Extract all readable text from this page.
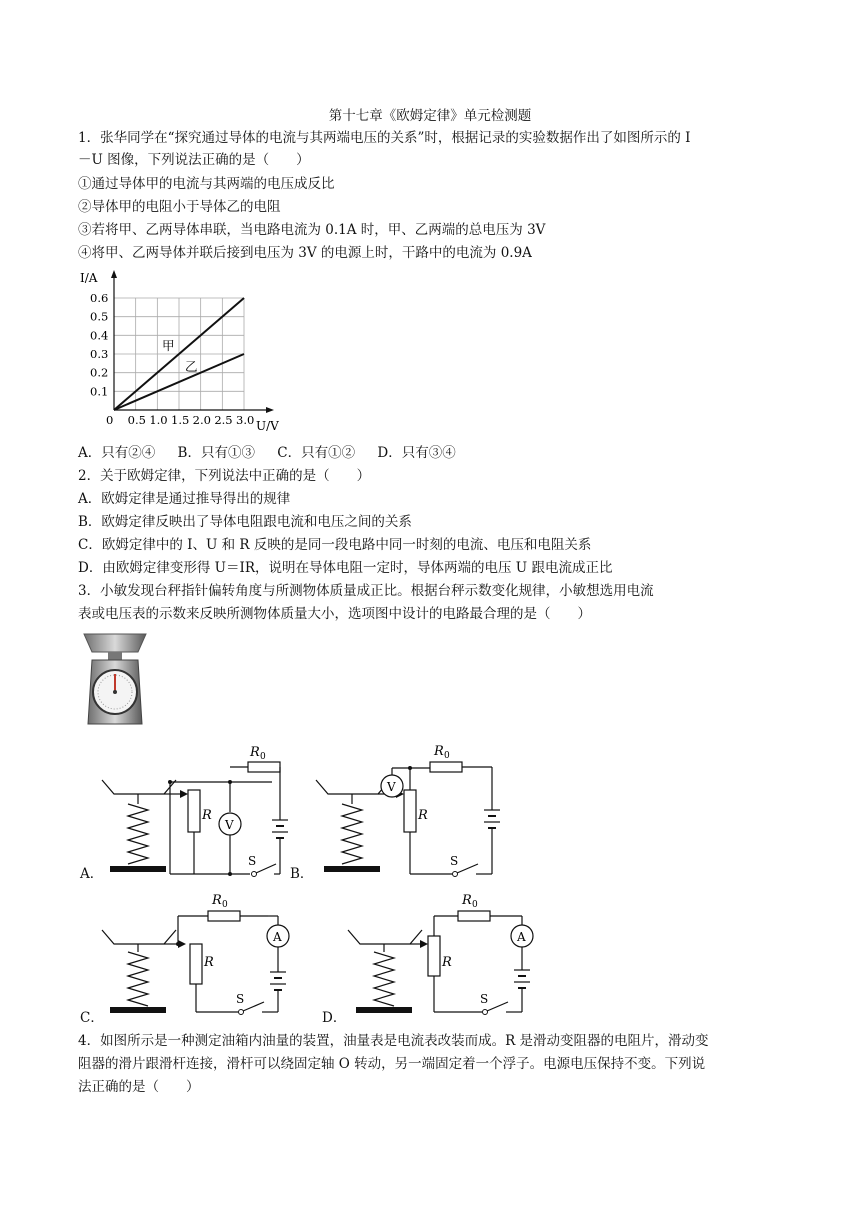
第十七章《欧姆定律》单元检测题
1．张华同学在“探究通过导体的电流与其两端电压的关系”时，根据记录的实验数据作出了如图所示的 I
－U 图像，下列说法正确的是（　　）
①通过导体甲的电流与其两端的电压成反比
②导体甲的电阻小于导体乙的电阻
③若将甲、乙两导体串联，当电路电流为 0.1A 时，甲、乙两端的总电压为 3V
④将甲、乙两导体并联后接到电压为 3V 的电源上时，干路中的电流为 0.9A
0 0.5 1.0 1.5 2.0 2.5 3.0
0.1
0.2
0.3
0.4
0.5
0.6
甲
乙
I/A
U/V
A．只有②④ B．只有①③ C．只有①② D．只有③④
2．关于欧姆定律，下列说法中正确的是（　　）
A．欧姆定律是通过推导得出的规律
B．欧姆定律反映出了导体电阻跟电流和电压之间的关系
C．欧姆定律中的 I、U 和 R 反映的是同一段电路中同一时刻的电流、电压和电阻关系
D．由欧姆定律变形得 U＝IR，说明在导体电阻一定时，导体两端的电压 U 跟电流成正比
3．小敏发现台秤指针偏转角度与所测物体质量成正比。根据台秤示数变化规律，小敏想选用电流
表或电压表的示数来反映所测物体质量大小，选项图中设计的电路最合理的是（　　）
R
V
R 0
S
A．
R
V
R 0
S
B．
R
R 0
A
S
C．
R
R 0
A
S
D．
4．如图所示是一种测定油箱内油量的装置，油量表是电流表改装而成。R 是滑动变阻器的电阻片，滑动变
阻器的滑片跟滑杆连接，滑杆可以绕固定轴 O 转动，另一端固定着一个浮子。电源电压保持不变。下列说
法正确的是（　　）
